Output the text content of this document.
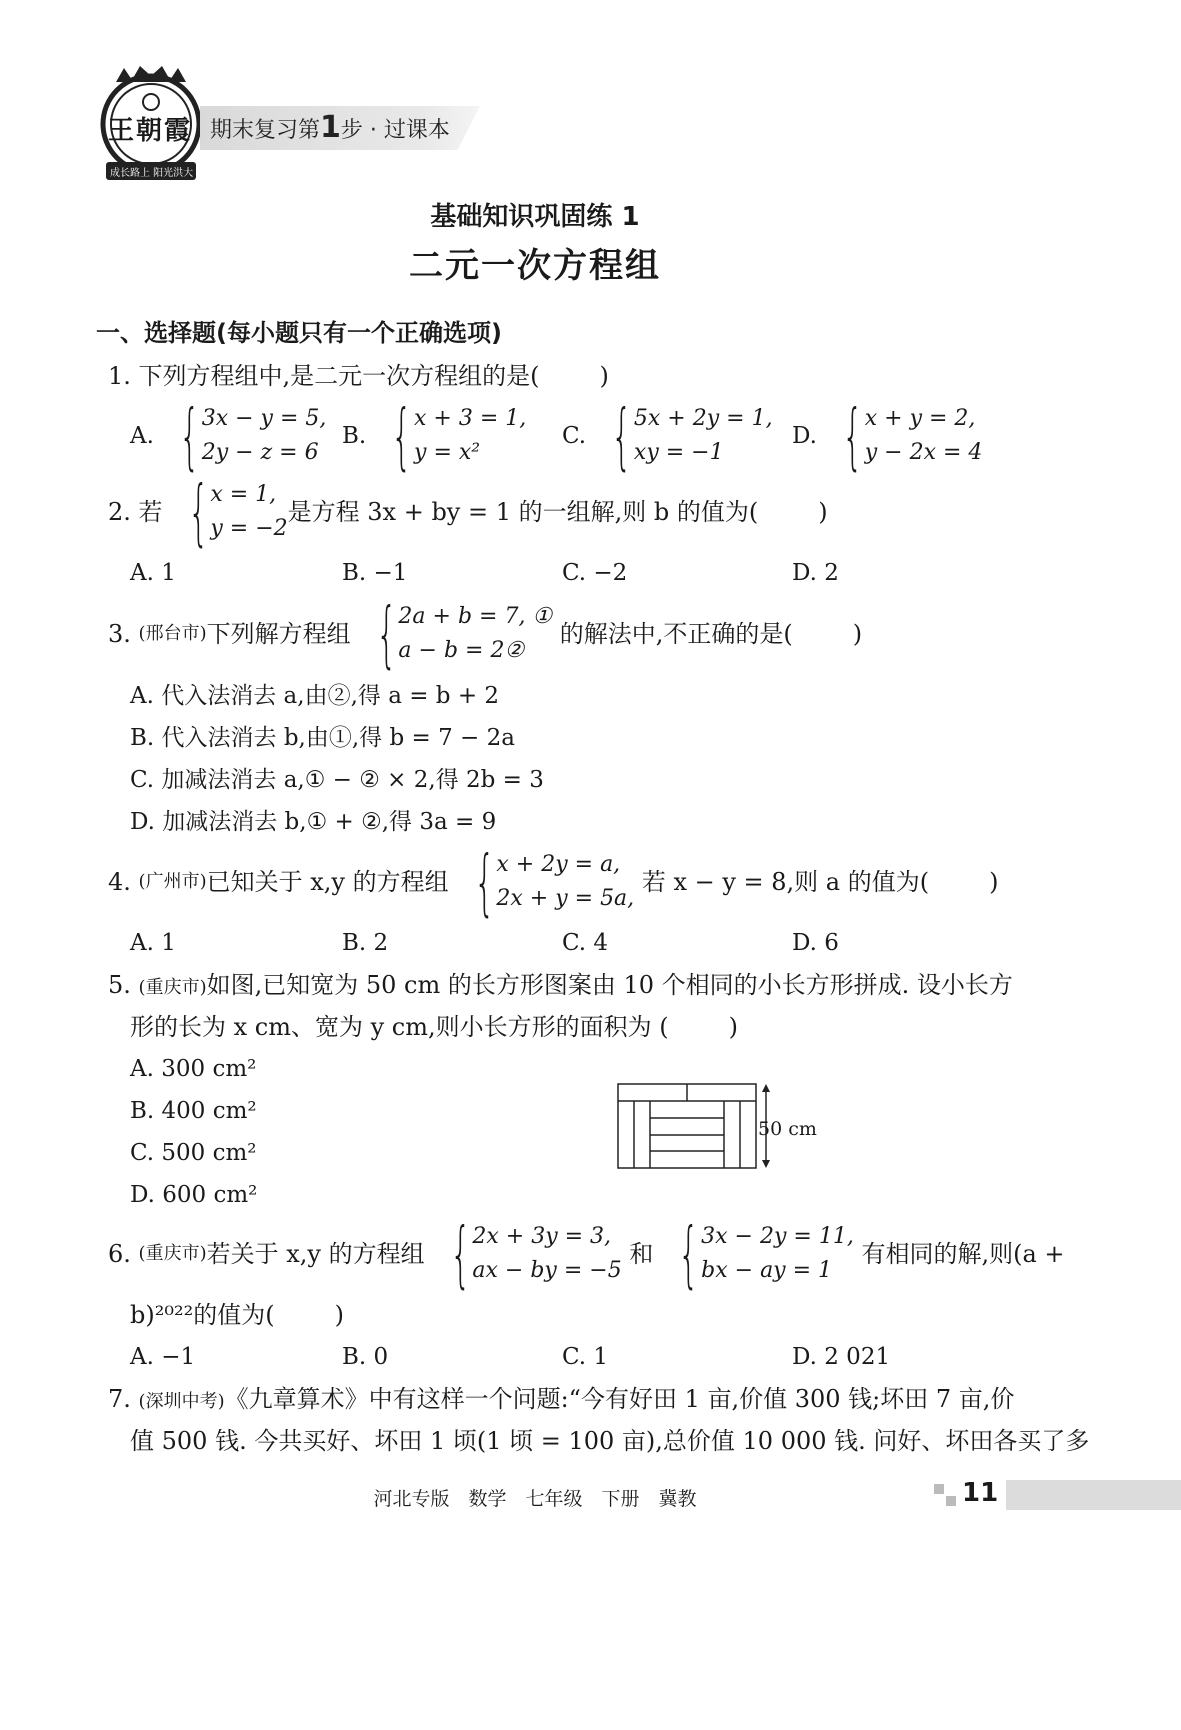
王朝霞
成长路上 阳光洪大
期末复习第1步 · 过课本
基础知识巩固练 1
二元一次方程组
一、选择题(每小题只有一个正确选项)
1. 下列方程组中,是二元一次方程组的是(	)
A. { 3x − y = 5,
2y − z = 6
B. { x + 3 = 1,
y = x²
C. { 5x + 2y = 1,
xy = −1
D. { x + y = 2,
y − 2x = 4
2.
若 { x = 1,
y = −2
是方程 3x + by = 1 的一组解,则 b 的值为(	)
A. 1	B. −1	C. −2	D. 2
3.
(邢台市) 下列解方程组 { 2a + b = 7, ①
a − b = 2②

的解法中,不正确的是(	)
A. 代入法消去 a,由②,得 a = b + 2
B. 代入法消去 b,由①,得 b = 7 − 2a
C. 加减法消去 a,① − ② × 2,得 2b = 3
D. 加减法消去 b,① + ②,得 3a = 9
4.
(广州市) 已知关于 x,y 的方程组 { x + 2y = a,
2x + y = 5a,

若 x − y = 8,则 a 的值为(	)
A. 1	B. 2	C. 4	D. 6
5. (重庆市)如图,已知宽为 50 cm 的长方形图案由 10 个相同的小长方形拼成. 设小长方
形的长为 x cm、宽为 y cm,则小长方形的面积为 (	)
A. 300 cm²
B. 400 cm²
C. 500 cm²
D. 600 cm²
50 cm
6.
(重庆市) 若关于 x,y 的方程组 { 2x + 3y = 3,
ax − by = −5

和 { 3x − 2y = 11,
bx − ay = 1

有相同的解,则(a +
b)²⁰²²的值为(	)
A. −1	B. 0	C. 1	D. 2 021
7. (深圳中考)《九章算术》中有这样一个问题:“今有好田 1 亩,价值 300 钱;坏田 7 亩,价
值 500 钱. 今共买好、坏田 1 顷(1 顷 = 100 亩),总价值 10 000 钱. 问好、坏田各买了多
河北专版　数学　七年级　下册　冀教	11
